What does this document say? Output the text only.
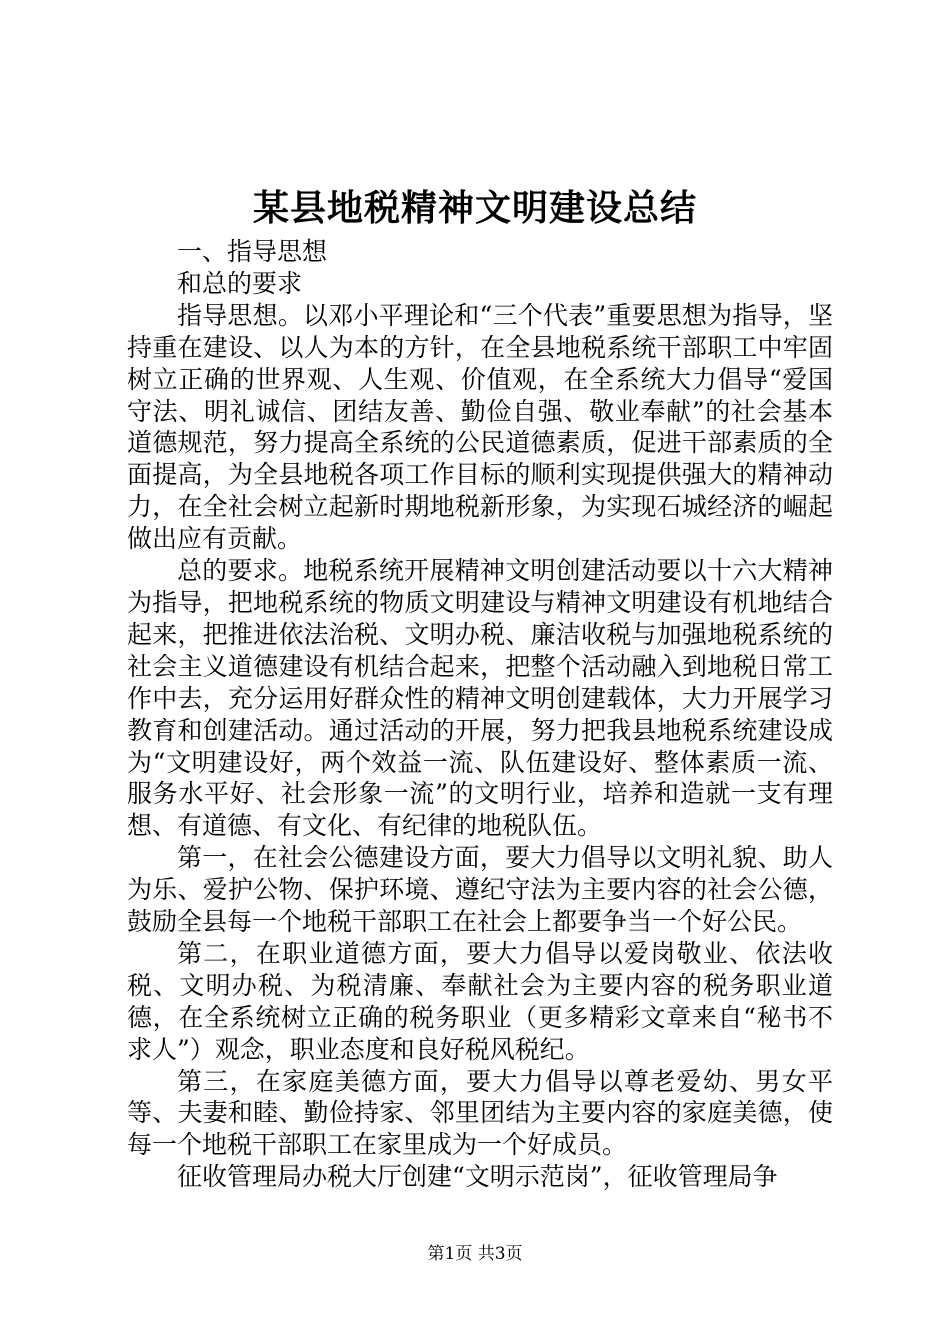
某县地税精神文明建设总结

一、指导思想

和总的要求

指导思想。以邓小平理论和“三个代表”重要思想为指导，坚持重在建设、以人为本的方针，在全县地税系统干部职工中牢固树立正确的世界观、人生观、价值观，在全系统大力倡导“爱国守法、明礼诚信、团结友善、勤俭自强、敬业奉献”的社会基本道德规范，努力提高全系统的公民道德素质，促进干部素质的全面提高，为全县地税各项工作目标的顺利实现提供强大的精神动力，在全社会树立起新时期地税新形象，为实现石城经济的崛起做出应有贡献。

总的要求。地税系统开展精神文明创建活动要以十六大精神为指导，把地税系统的物质文明建设与精神文明建设有机地结合起来，把推进依法治税、文明办税、廉洁收税与加强地税系统的社会主义道德建设有机结合起来，把整个活动融入到地税日常工作中去，充分运用好群众性的精神文明创建载体，大力开展学习教育和创建活动。通过活动的开展，努力把我县地税系统建设成为“文明建设好，两个效益一流、队伍建设好、整体素质一流、服务水平好、社会形象一流”的文明行业，培养和造就一支有理想、有道德、有文化、有纪律的地税队伍。

第一，在社会公德建设方面，要大力倡导以文明礼貌、助人为乐、爱护公物、保护环境、遵纪守法为主要内容的社会公德，鼓励全县每一个地税干部职工在社会上都要争当一个好公民。

第二，在职业道德方面，要大力倡导以爱岗敬业、依法收税、文明办税、为税清廉、奉献社会为主要内容的税务职业道德，在全系统树立正确的税务职业（更多精彩文章来自“秘书不求人”）观念，职业态度和良好税风税纪。

第三，在家庭美德方面，要大力倡导以尊老爱幼、男女平等、夫妻和睦、勤俭持家、邻里团结为主要内容的家庭美德，使每一个地税干部职工在家里成为一个好成员。

征收管理局办税大厅创建“文明示范岗”，征收管理局争

第1页 共3页
